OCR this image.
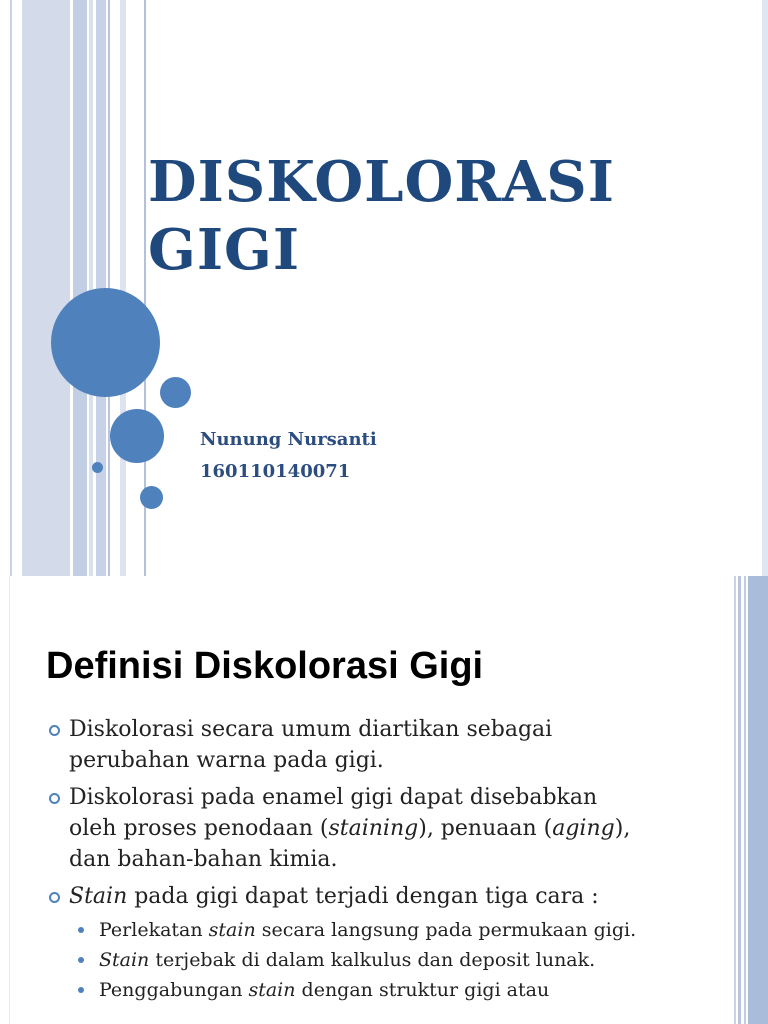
DISKOLORASI
GIGI
Nunung Nursanti
160110140071
Definisi Diskolorasi Gigi
Diskolorasi secara umum diartikan sebagai perubahan warna pada gigi.
Diskolorasi pada enamel gigi dapat disebabkan oleh proses penodaan (staining), penuaan (aging), dan bahan-bahan kimia.
Stain pada gigi dapat terjadi dengan tiga cara :
Perlekatan stain secara langsung pada permukaan gigi.
Stain terjebak di dalam kalkulus dan deposit lunak.
Penggabungan stain dengan struktur gigi atau
